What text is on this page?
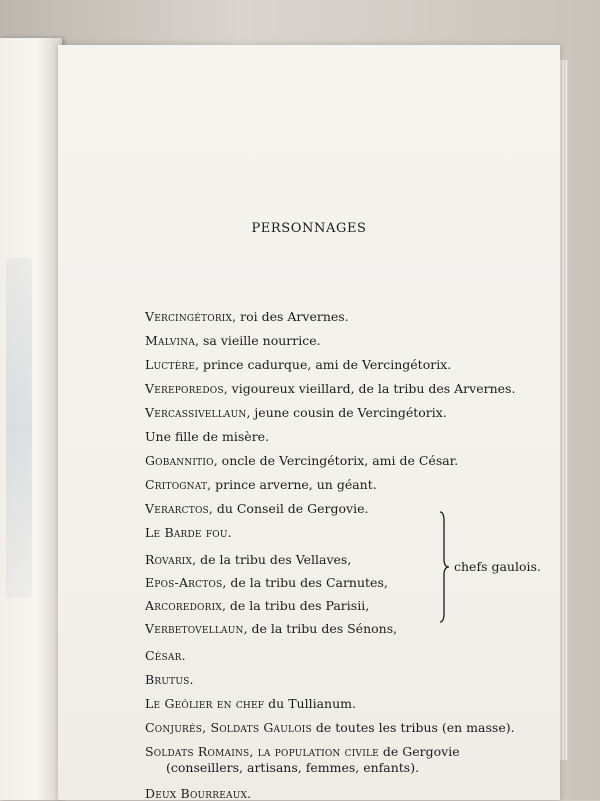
PERSONNAGES
Vercingétorix, roi des Arvernes.
Malvina, sa vieille nourrice.
Luctère, prince cadurque, ami de Vercingétorix.
Vereporedos, vigoureux vieillard, de la tribu des Arvernes.
Vercassivellaun, jeune cousin de Vercingétorix.
Une fille de misère.
Gobannitio, oncle de Vercingétorix, ami de César.
Critognat, prince arverne, un géant.
Verarctos, du Conseil de Gergovie.
Le Barde fou.
Rovarix, de la tribu des Vellaves,
Epos-Arctos, de la tribu des Carnutes,
Arcoredorix, de la tribu des Parisii,
Verbetovellaun, de la tribu des Sénons,
chefs gaulois.
César.
Brutus.
Le Geôlier en chef du Tullianum.
Conjurés, Soldats Gaulois de toutes les tribus (en masse).
Soldats Romains, la population civile de Gergovie
(conseillers, artisans, femmes, enfants).
Deux Bourreaux.
